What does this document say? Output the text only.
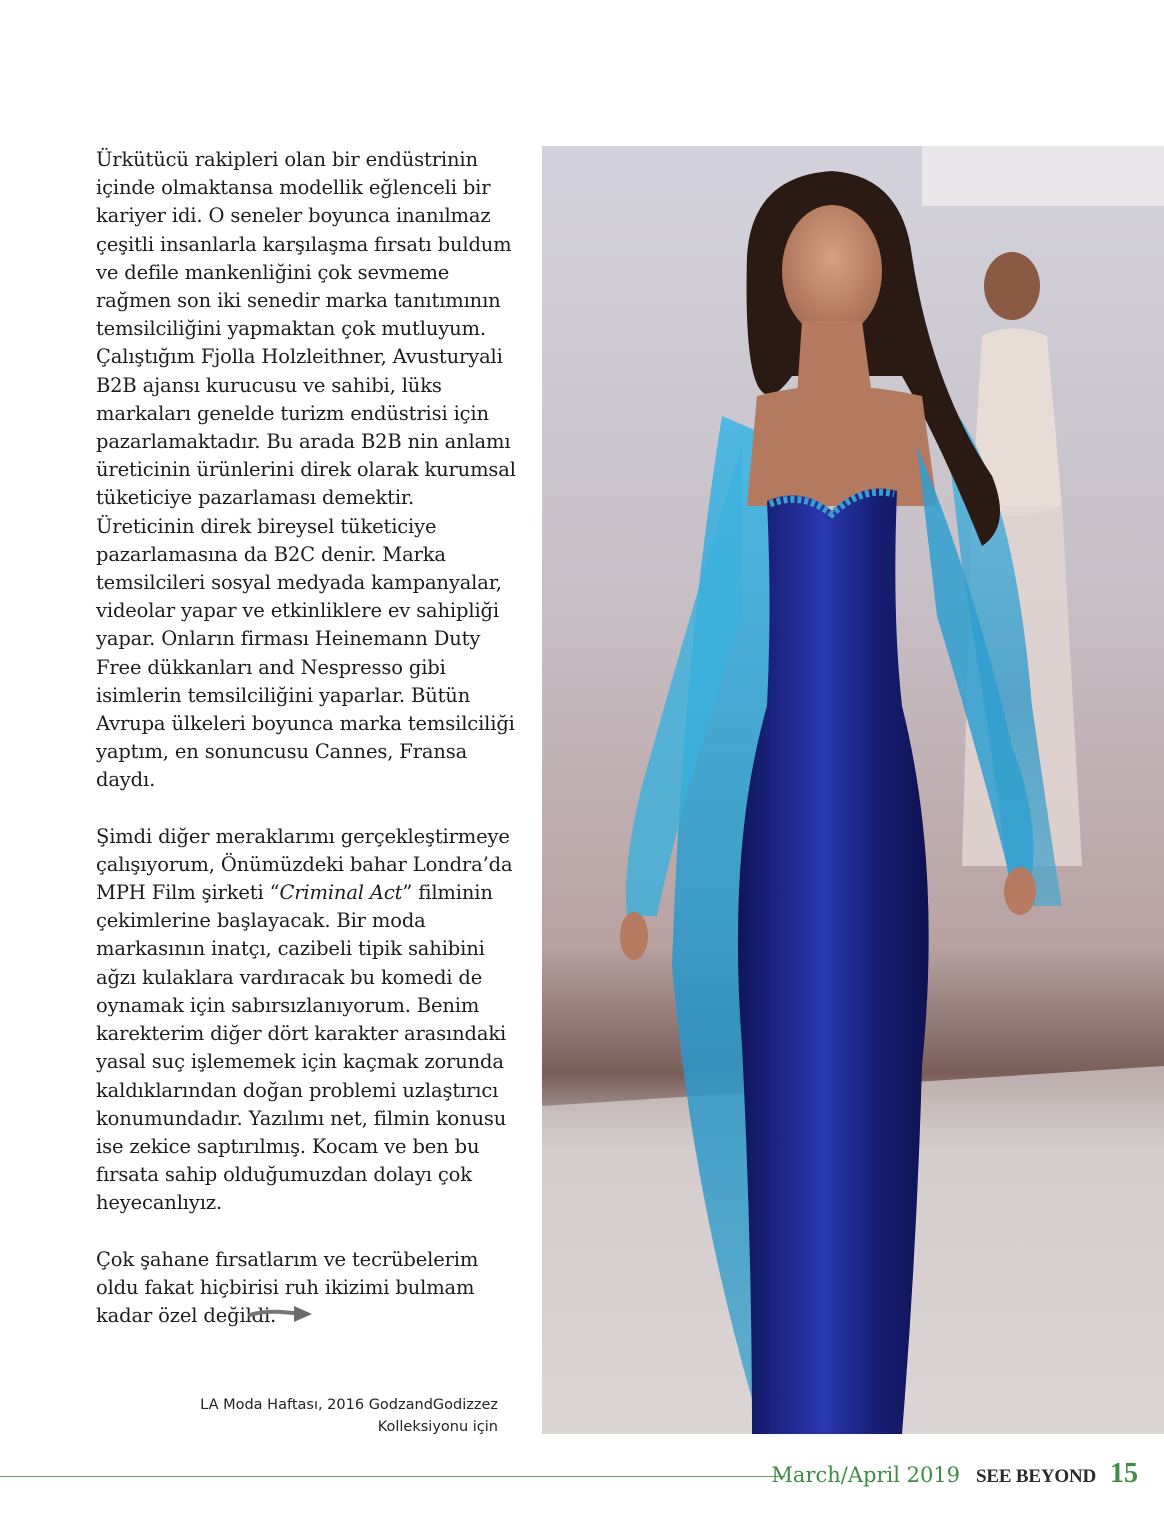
Ürkütücü rakipleri olan bir endüstrinin içinde olmaktansa modellik eğlenceli bir kariyer idi. O seneler boyunca inanılmaz çeşitli insanlarla karşılaşma fırsatı buldum ve defile mankenliğini çok sevmeme rağmen son iki senedir marka tanıtımının temsilciliğini yapmaktan çok mutluyum. Çalıştığım Fjolla Holzleithner, Avusturyali B2B ajansı kurucusu ve sahibi, lüks markaları genelde turizm endüstrisi için pazarlamaktadır. Bu arada B2B nin anlamı üreticinin ürünlerini direk olarak kurumsal tüketiciye pazarlaması demektir. Üreticinin direk bireysel tüketiciye pazarlamasına da B2C denir. Marka temsilcileri sosyal medyada kampanyalar, videolar yapar ve etkinliklere ev sahipliği yapar. Onların firması Heinemann Duty Free dükkanları and Nespresso gibi isimlerin temsilciliğini yaparlar. Bütün Avrupa ülkeleri boyunca marka temsilciliği yaptım, en sonuncusu Cannes, Fransa daydı.

Şimdi diğer meraklarımı gerçekleştirmeye çalışıyorum, Önümüzdeki bahar Londra’da MPH Film şirketi “Criminal Act” filminin çekimlerine başlayacak. Bir moda markasının inatçı, cazibeli tipik sahibini ağzı kulaklara vardıracak bu komedi de oynamak için sabırsızlanıyorum. Benim karekterim diğer dört karakter arasındaki yasal suç işlememek için kaçmak zorunda kaldıklarından doğan problemi uzlaştırıcı konumundadır. Yazılımı net, filmin konusu ise zekice saptırılmış. Kocam ve ben bu fırsata sahip olduğumuzdan dolayı çok heyecanlıyız.

Çok şahane fırsatlarım ve tecrübelerim oldu fakat hiçbirisi ruh ikizimi bulmam kadar özel değildi.

LA Moda Haftası, 2016 GodzandGodizzez
Kolleksiyonu için
March/April 2019 SEE BEYOND 15
